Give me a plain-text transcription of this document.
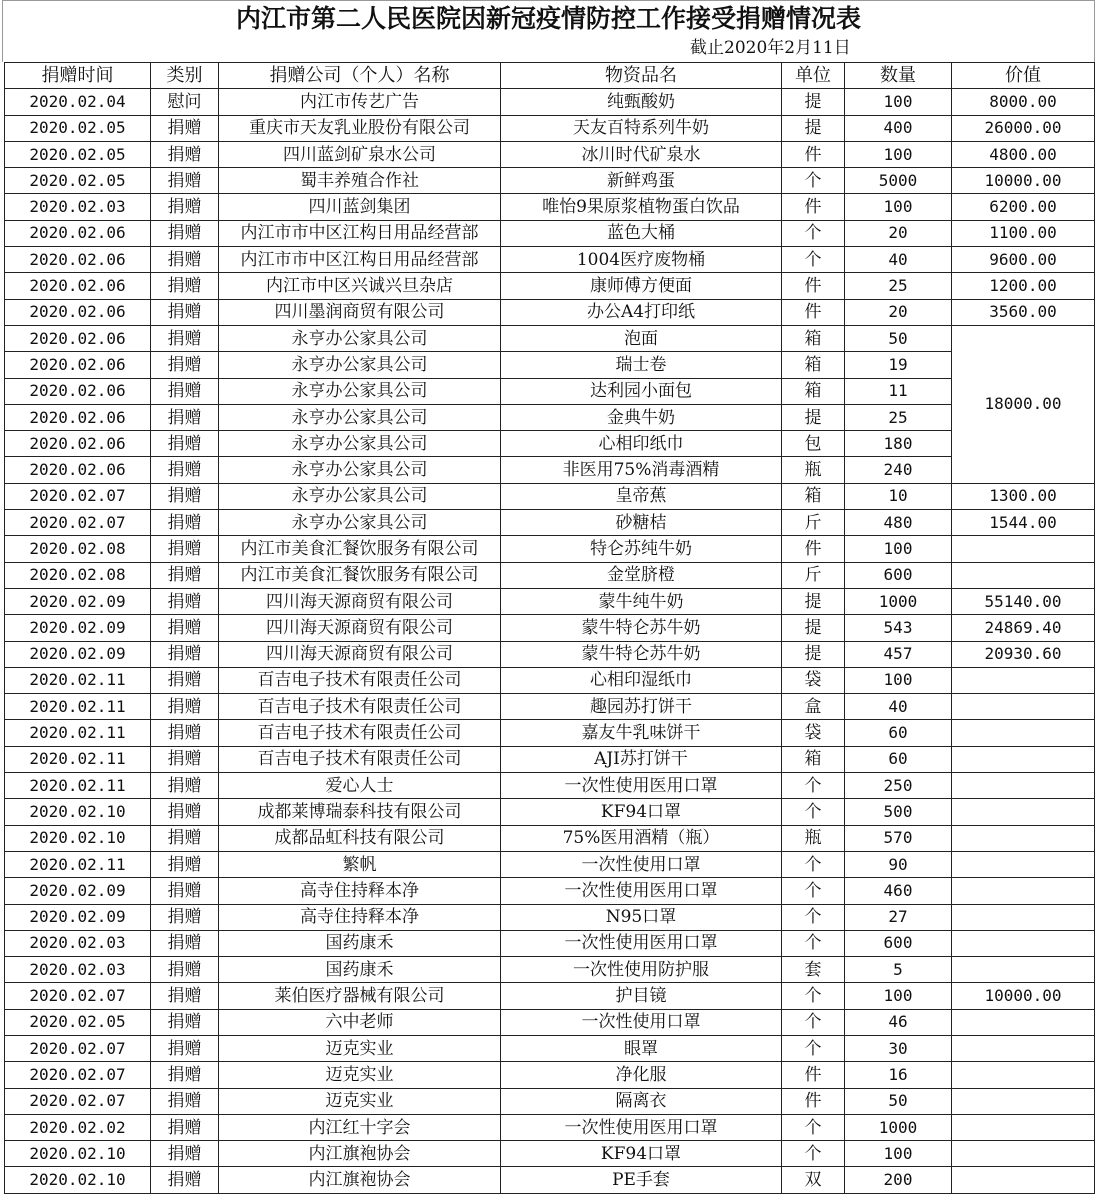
内江市第二人民医院因新冠疫情防控工作接受捐赠情况表
截止2020年2月11日
捐赠时间	类别	捐赠公司（个人）名称	物资品名	单位	数量	价值
2020.02.04	慰问	内江市传艺广告	纯甄酸奶	提	100	8000.00
2020.02.05	捐赠	重庆市天友乳业股份有限公司	天友百特系列牛奶	提	400	26000.00
2020.02.05	捐赠	四川蓝剑矿泉水公司	冰川时代矿泉水	件	100	4800.00
2020.02.05	捐赠	蜀丰养殖合作社	新鲜鸡蛋	个	5000	10000.00
2020.02.03	捐赠	四川蓝剑集团	唯怡9果原浆植物蛋白饮品	件	100	6200.00
2020.02.06	捐赠	内江市市中区江构日用品经营部	蓝色大桶	个	20	1100.00
2020.02.06	捐赠	内江市市中区江构日用品经营部	1004医疗废物桶	个	40	9600.00
2020.02.06	捐赠	内江市中区兴诚兴旦杂店	康师傅方便面	件	25	1200.00
2020.02.06	捐赠	四川墨润商贸有限公司	办公A4打印纸	件	20	3560.00
2020.02.06	捐赠	永亨办公家具公司	泡面	箱	50	18000.00
2020.02.06	捐赠	永亨办公家具公司	瑞士卷	箱	19	
2020.02.06	捐赠	永亨办公家具公司	达利园小面包	箱	11	
2020.02.06	捐赠	永亨办公家具公司	金典牛奶	提	25	
2020.02.06	捐赠	永亨办公家具公司	心相印纸巾	包	180	
2020.02.06	捐赠	永亨办公家具公司	非医用75%消毒酒精	瓶	240	
2020.02.07	捐赠	永亨办公家具公司	皇帝蕉	箱	10	1300.00
2020.02.07	捐赠	永亨办公家具公司	砂糖桔	斤	480	1544.00
2020.02.08	捐赠	内江市美食汇餐饮服务有限公司	特仑苏纯牛奶	件	100	
2020.02.08	捐赠	内江市美食汇餐饮服务有限公司	金堂脐橙	斤	600	
2020.02.09	捐赠	四川海天源商贸有限公司	蒙牛纯牛奶	提	1000	55140.00
2020.02.09	捐赠	四川海天源商贸有限公司	蒙牛特仑苏牛奶	提	543	24869.40
2020.02.09	捐赠	四川海天源商贸有限公司	蒙牛特仑苏牛奶	提	457	20930.60
2020.02.11	捐赠	百吉电子技术有限责任公司	心相印湿纸巾	袋	100	
2020.02.11	捐赠	百吉电子技术有限责任公司	趣园苏打饼干	盒	40	
2020.02.11	捐赠	百吉电子技术有限责任公司	嘉友牛乳味饼干	袋	60	
2020.02.11	捐赠	百吉电子技术有限责任公司	AJI苏打饼干	箱	60	
2020.02.11	捐赠	爱心人士	一次性使用医用口罩	个	250	
2020.02.10	捐赠	成都莱博瑞泰科技有限公司	KF94口罩	个	500	
2020.02.10	捐赠	成都品虹科技有限公司	75%医用酒精（瓶）	瓶	570	
2020.02.11	捐赠	繁帆	一次性使用口罩	个	90	
2020.02.09	捐赠	高寺住持释本净	一次性使用医用口罩	个	460	
2020.02.09	捐赠	高寺住持释本净	N95口罩	个	27	
2020.02.03	捐赠	国药康禾	一次性使用医用口罩	个	600	
2020.02.03	捐赠	国药康禾	一次性使用防护服	套	5	
2020.02.07	捐赠	莱伯医疗器械有限公司	护目镜	个	100	10000.00
2020.02.05	捐赠	六中老师	一次性使用口罩	个	46	
2020.02.07	捐赠	迈克实业	眼罩	个	30	
2020.02.07	捐赠	迈克实业	净化服	件	16	
2020.02.07	捐赠	迈克实业	隔离衣	件	50	
2020.02.02	捐赠	内江红十字会	一次性使用医用口罩	个	1000	
2020.02.10	捐赠	内江旗袍协会	KF94口罩	个	100	
2020.02.10	捐赠	内江旗袍协会	PE手套	双	200	
